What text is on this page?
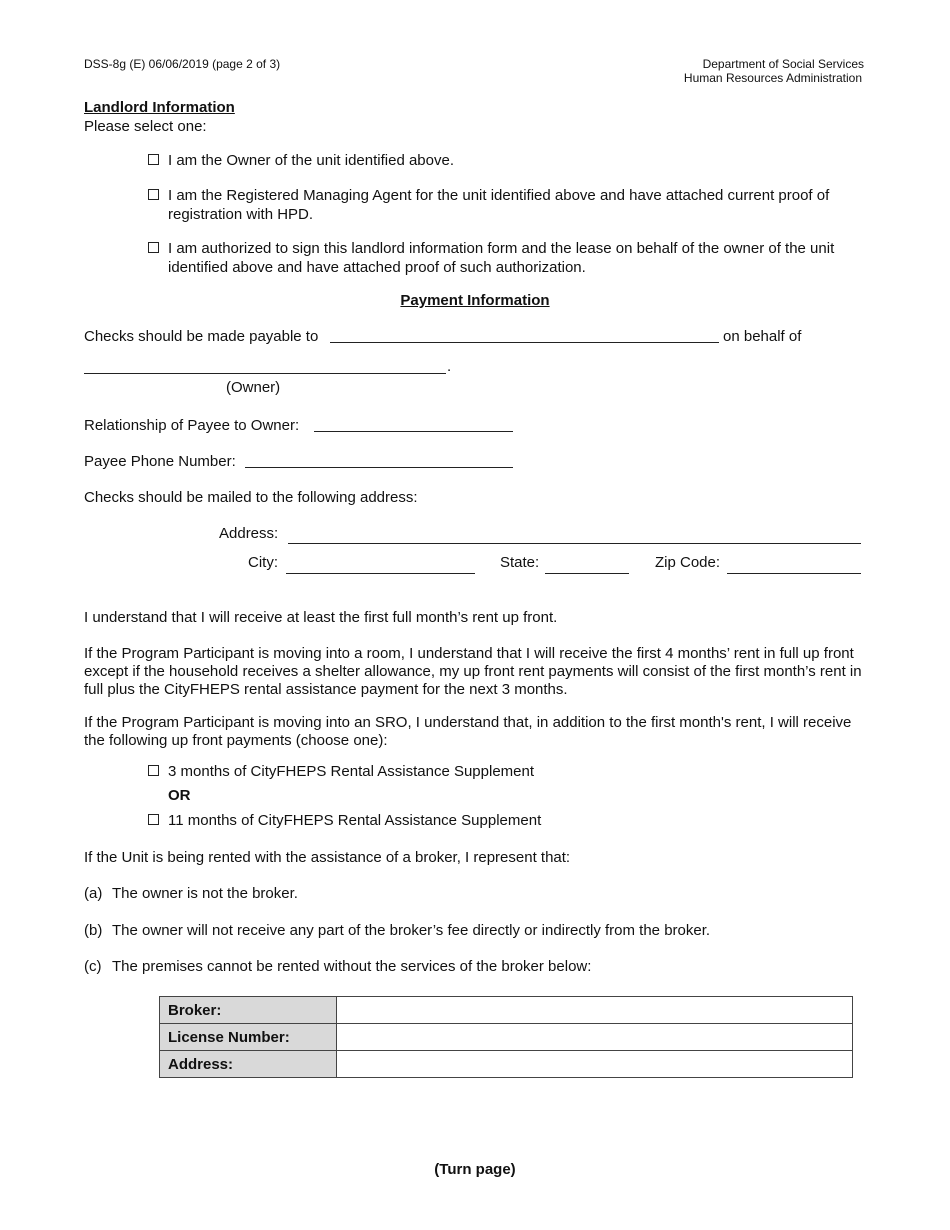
DSS-8g (E) 06/06/2019 (page 2 of 3)	Department of Social Services
Human Resources Administration
Landlord Information
Please select one:
I am the Owner of the unit identified above.
I am the Registered Managing Agent for the unit identified above and have attached current proof of registration with HPD.
I am authorized to sign this landlord information form and the lease on behalf of the owner of the unit identified above and have attached proof of such authorization.
Payment Information
Checks should be made payable to	on behalf of
.
(Owner)
Relationship of Payee to Owner:
Payee Phone Number:
Checks should be mailed to the following address:
Address:
City:	State:	Zip Code:
I understand that I will receive at least the first full month’s rent up front.
If the Program Participant is moving into a room, I understand that I will receive the first 4 months’ rent in full up front except if the household receives a shelter allowance, my up front rent payments will consist of the first month’s rent in full plus the CityFHEPS rental assistance payment for the next 3 months.
If the Program Participant is moving into an SRO, I understand that, in addition to the first month's rent, I will receive the following up front payments (choose one):
3 months of CityFHEPS Rental Assistance Supplement
OR
11 months of CityFHEPS Rental Assistance Supplement
If the Unit is being rented with the assistance of a broker, I represent that:
(a) The owner is not the broker.
(b) The owner will not receive any part of the broker’s fee directly or indirectly from the broker.
(c) The premises cannot be rented without the services of the broker below:
Broker:	
License Number:	
Address:	
(Turn page)
